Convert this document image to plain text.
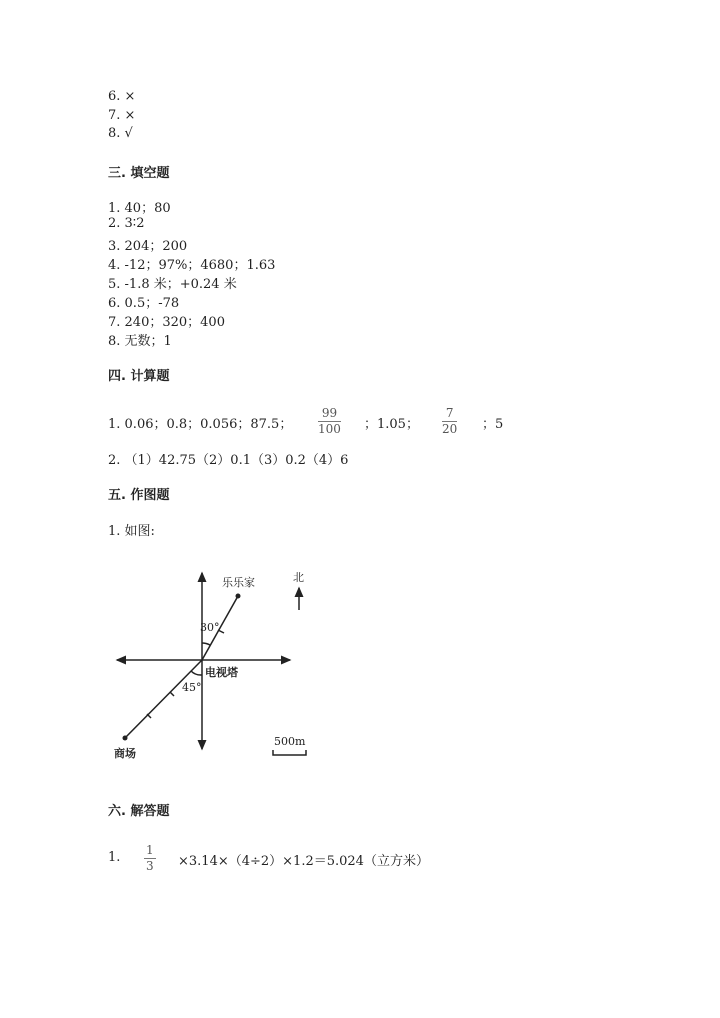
6. ×
7. ×
8. √
三. 填空题
1. 40；80
2. 3∶2
3. 204；200
4. -12；97%；4680；1.63
5. -1.8 米；+0.24 米
6. 0.5；-78
7. 240；320；400
8. 无数；1
四. 计算题
1. 0.06；0.8；0.056；87.5； $\frac{99}{100}$ ；1.05； $\frac{7}{20}$ ；5
2. （1）42.75（2）0.1（3）0.2（4）6
五. 作图题
1. 如图:
乐乐家	北
30°
电视塔
45°
商场
500m
六. 解答题
1. $\frac{1}{3} \times 3.14\times(4\div 2)\times 1.2=5.024$（立方米）
